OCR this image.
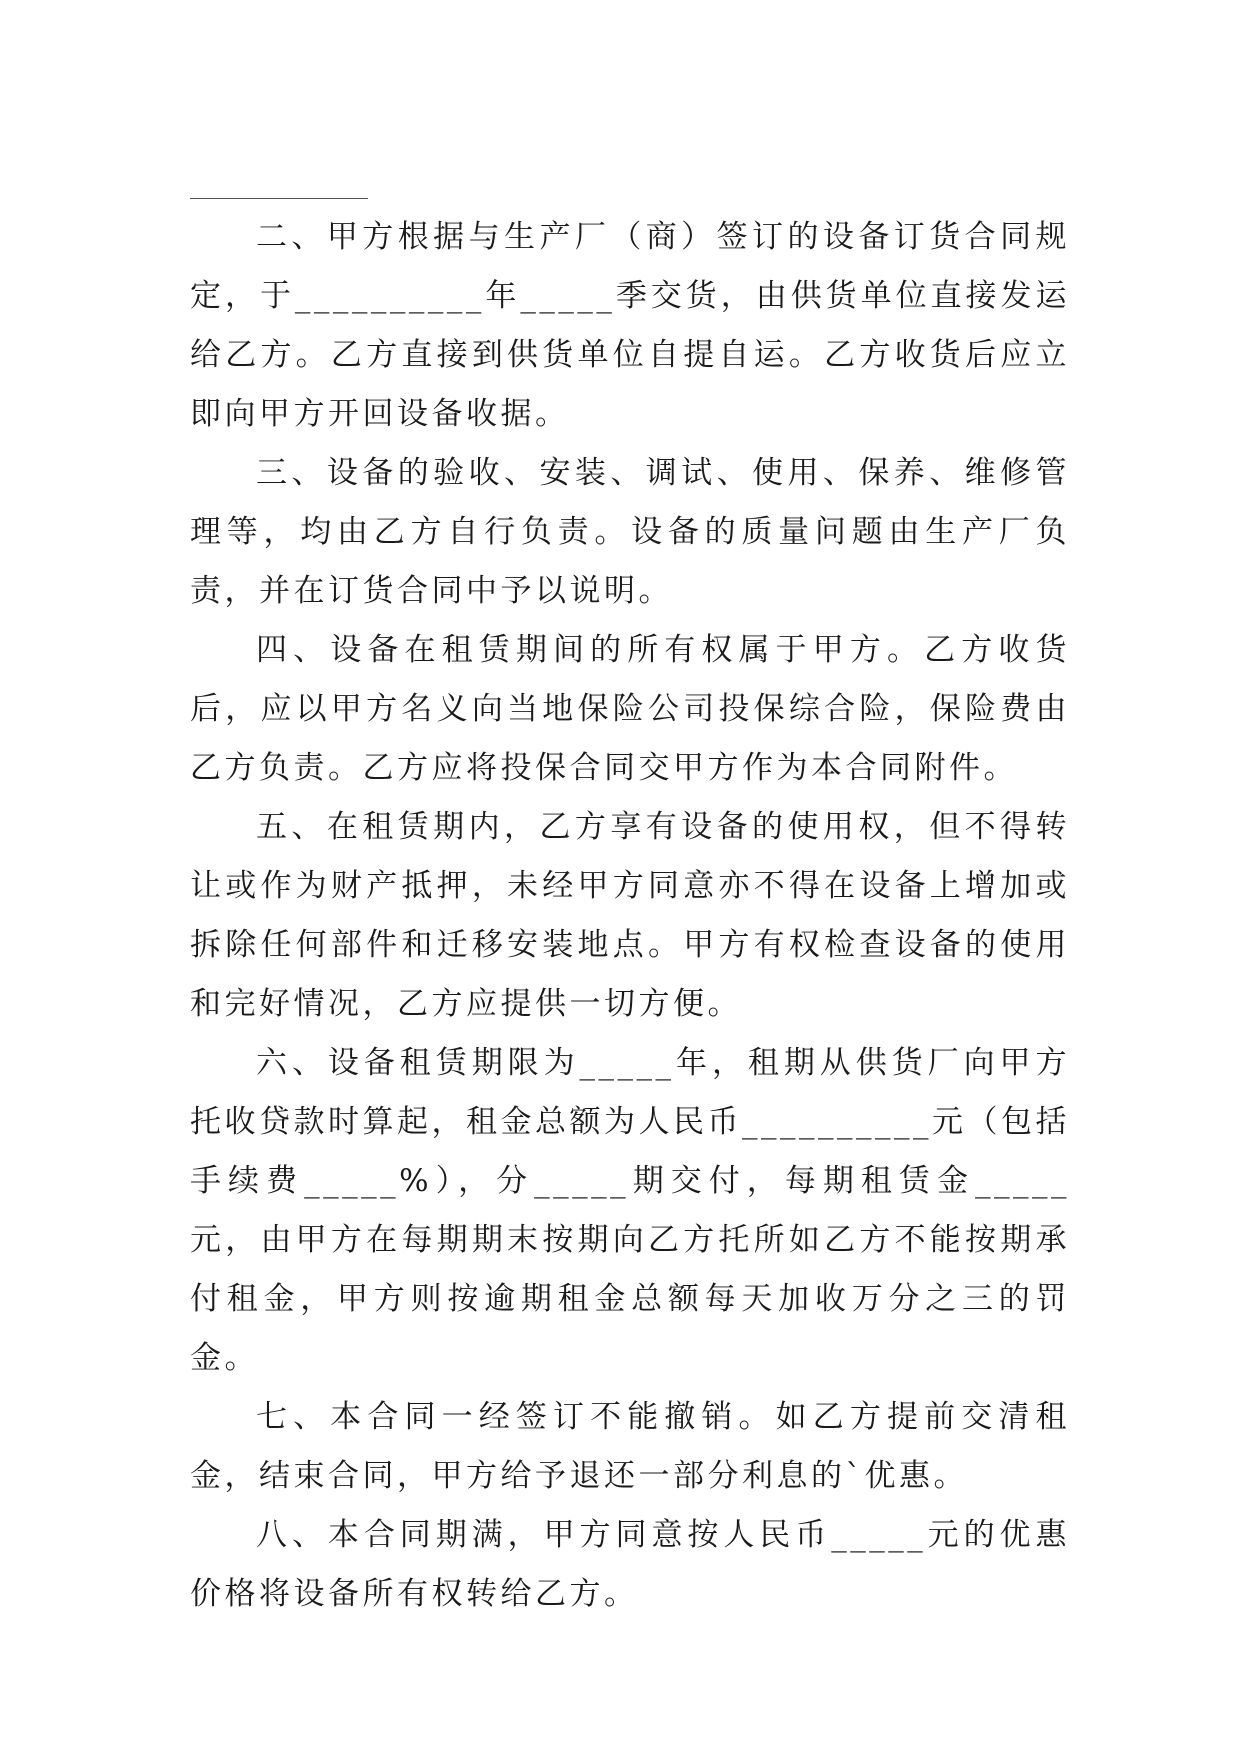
二、甲方根据与生产厂（商）签订的设备订货合同规定，于__________年_____季交货，由供货单位直接发运给乙方。乙方直接到供货单位自提自运。乙方收货后应立即向甲方开回设备收据。

三、设备的验收、安装、调试、使用、保养、维修管理等，均由乙方自行负责。设备的质量问题由生产厂负责，并在订货合同中予以说明。

四、设备在租赁期间的所有权属于甲方。乙方收货后，应以甲方名义向当地保险公司投保综合险，保险费由乙方负责。乙方应将投保合同交甲方作为本合同附件。

五、在租赁期内，乙方享有设备的使用权，但不得转让或作为财产抵押，未经甲方同意亦不得在设备上增加或拆除任何部件和迁移安装地点。甲方有权检查设备的使用和完好情况，乙方应提供一切方便。

六、设备租赁期限为_____年，租期从供货厂向甲方托收贷款时算起，租金总额为人民币__________元（包括手续费_____%），分_____期交付，每期租赁金_____元，由甲方在每期期末按期向乙方托所如乙方不能按期承付租金，甲方则按逾期租金总额每天加收万分之三的罚金。

七、本合同一经签订不能撤销。如乙方提前交清租金，结束合同，甲方给予退还一部分利息的`优惠。

八、本合同期满，甲方同意按人民币_____元的优惠价格将设备所有权转给乙方。
